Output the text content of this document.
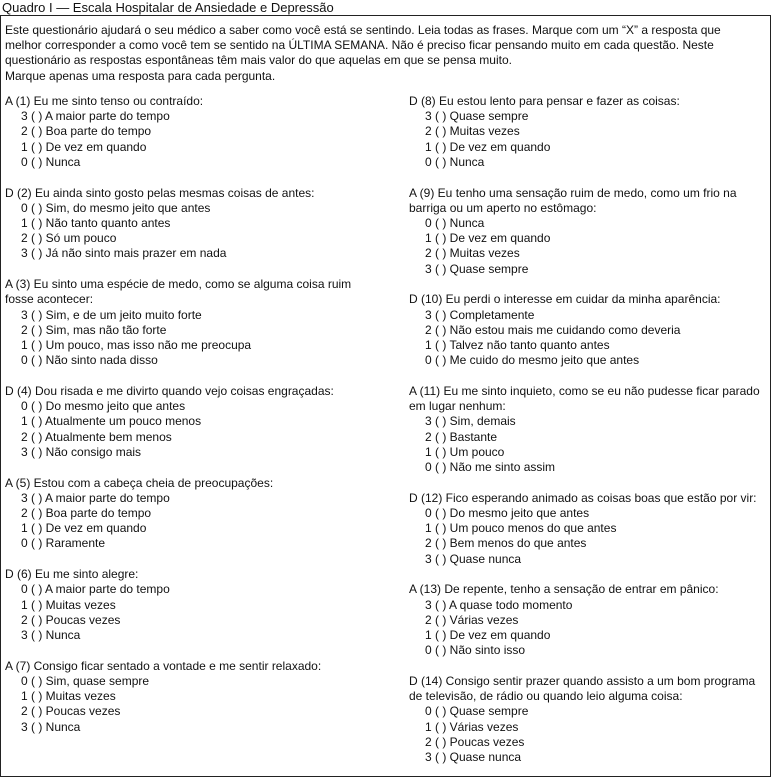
Quadro I — Escala Hospitalar de Ansiedade e Depressão
Este questionário ajudará o seu médico a saber como você está se sentindo. Leia todas as frases. Marque com um “X” a resposta que
melhor corresponder a como você tem se sentido na ÚLTIMA SEMANA. Não é preciso ficar pensando muito em cada questão. Neste
questionário as respostas espontâneas têm mais valor do que aquelas em que se pensa muito.
Marque apenas uma resposta para cada pergunta.
A (1) Eu me sinto tenso ou contraído:
3 ( ) A maior parte do tempo
2 ( ) Boa parte do tempo
1 ( ) De vez em quando
0 ( ) Nunca
D (2) Eu ainda sinto gosto pelas mesmas coisas de antes:
0 ( ) Sim, do mesmo jeito que antes
1 ( ) Não tanto quanto antes
2 ( ) Só um pouco
3 ( ) Já não sinto mais prazer em nada
A (3) Eu sinto uma espécie de medo, como se alguma coisa ruim
fosse acontecer:
3 ( ) Sim, e de um jeito muito forte
2 ( ) Sim, mas não tão forte
1 ( ) Um pouco, mas isso não me preocupa
0 ( ) Não sinto nada disso
D (4) Dou risada e me divirto quando vejo coisas engraçadas:
0 ( ) Do mesmo jeito que antes
1 ( ) Atualmente um pouco menos
2 ( ) Atualmente bem menos
3 ( ) Não consigo mais
A (5) Estou com a cabeça cheia de preocupações:
3 ( ) A maior parte do tempo
2 ( ) Boa parte do tempo
1 ( ) De vez em quando
0 ( ) Raramente
D (6) Eu me sinto alegre:
0 ( ) A maior parte do tempo
1 ( ) Muitas vezes
2 ( ) Poucas vezes
3 ( ) Nunca
A (7) Consigo ficar sentado a vontade e me sentir relaxado:
0 ( ) Sim, quase sempre
1 ( ) Muitas vezes
2 ( ) Poucas vezes
3 ( ) Nunca
D (8) Eu estou lento para pensar e fazer as coisas:
3 ( ) Quase sempre
2 ( ) Muitas vezes
1 ( ) De vez em quando
0 ( ) Nunca
A (9) Eu tenho uma sensação ruim de medo, como um frio na
barriga ou um aperto no estômago:
0 ( ) Nunca
1 ( ) De vez em quando
2 ( ) Muitas vezes
3 ( ) Quase sempre
D (10) Eu perdi o interesse em cuidar da minha aparência:
3 ( ) Completamente
2 ( ) Não estou mais me cuidando como deveria
1 ( ) Talvez não tanto quanto antes
0 ( ) Me cuido do mesmo jeito que antes
A (11) Eu me sinto inquieto, como se eu não pudesse ficar parado
em lugar nenhum:
3 ( ) Sim, demais
2 ( ) Bastante
1 ( ) Um pouco
0 ( ) Não me sinto assim
D (12) Fico esperando animado as coisas boas que estão por vir:
0 ( ) Do mesmo jeito que antes
1 ( ) Um pouco menos do que antes
2 ( ) Bem menos do que antes
3 ( ) Quase nunca
A (13) De repente, tenho a sensação de entrar em pânico:
3 ( ) A quase todo momento
2 ( ) Várias vezes
1 ( ) De vez em quando
0 ( ) Não sinto isso
D (14) Consigo sentir prazer quando assisto a um bom programa
de televisão, de rádio ou quando leio alguma coisa:
0 ( ) Quase sempre
1 ( ) Várias vezes
2 ( ) Poucas vezes
3 ( ) Quase nunca
